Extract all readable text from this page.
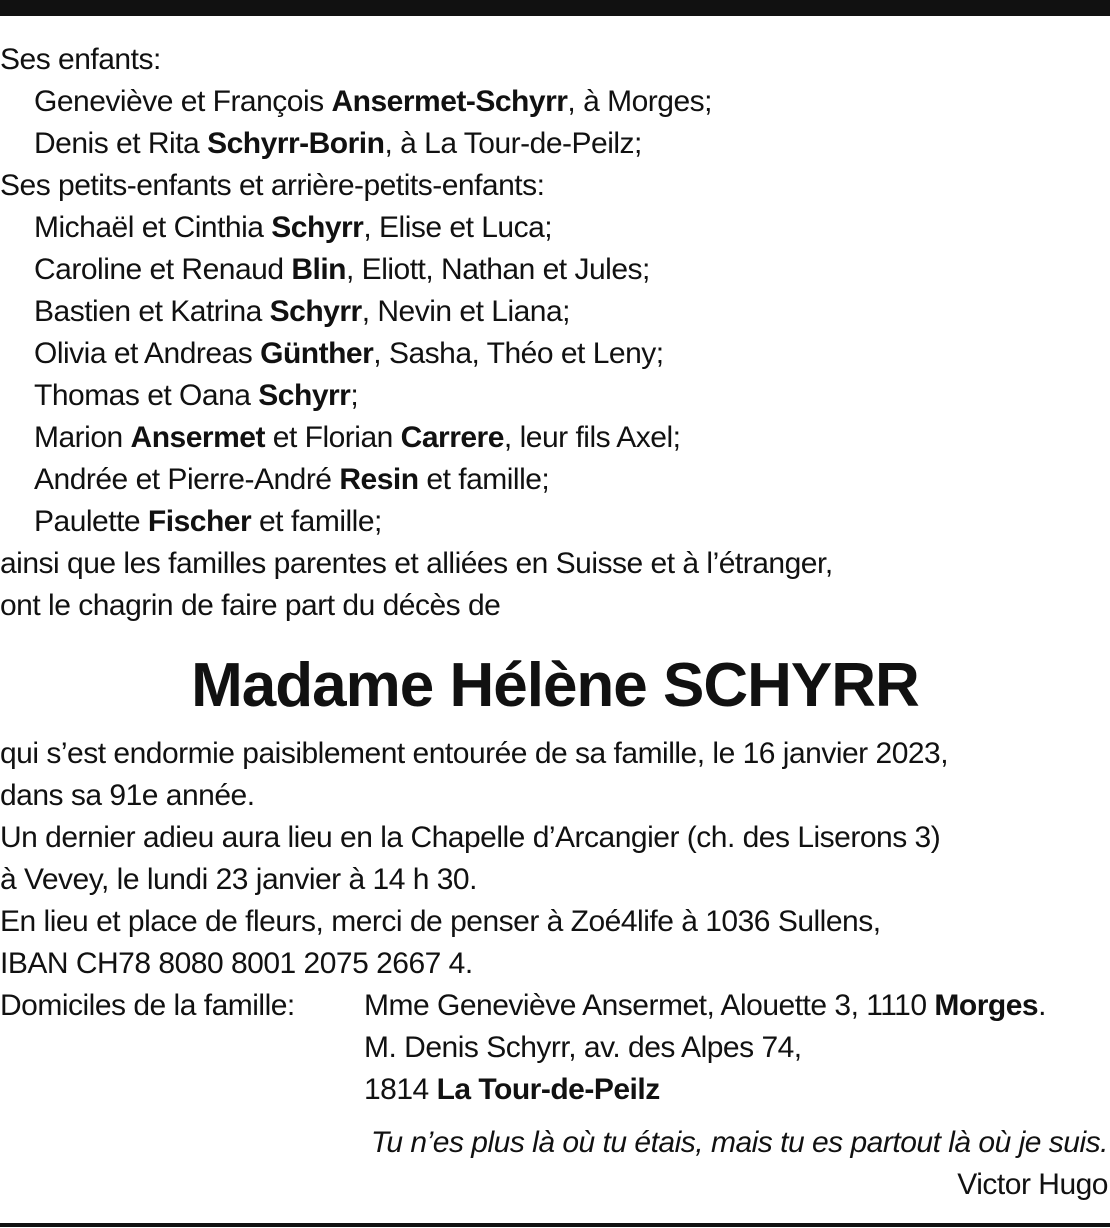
Ses enfants:
Geneviève et François Ansermet-Schyrr, à Morges;
Denis et Rita Schyrr-Borin, à La Tour-de-Peilz;
Ses petits-enfants et arrière-petits-enfants:
Michaël et Cinthia Schyrr, Elise et Luca;
Caroline et Renaud Blin, Eliott, Nathan et Jules;
Bastien et Katrina Schyrr, Nevin et Liana;
Olivia et Andreas Günther, Sasha, Théo et Leny;
Thomas et Oana Schyrr;
Marion Ansermet et Florian Carrere, leur fils Axel;
Andrée et Pierre-André Resin et famille;
Paulette Fischer et famille;
ainsi que les familles parentes et alliées en Suisse et à l’étranger,
ont le chagrin de faire part du décès de
Madame Hélène SCHYRR
qui s’est endormie paisiblement entourée de sa famille, le 16 janvier 2023,
dans sa 91e année.
Un dernier adieu aura lieu en la Chapelle d’Arcangier (ch. des Liserons 3)
à Vevey, le lundi 23 janvier à 14 h 30.
En lieu et place de fleurs, merci de penser à Zoé4life à 1036 Sullens,
IBAN CH78 8080 8001 2075 2667 4.
Domiciles de la famille: Mme Geneviève Ansermet, Alouette 3, 1110 Morges.
M. Denis Schyrr, av. des Alpes 74,
1814 La Tour-de-Peilz
Tu n’es plus là où tu étais, mais tu es partout là où je suis.
Victor Hugo
